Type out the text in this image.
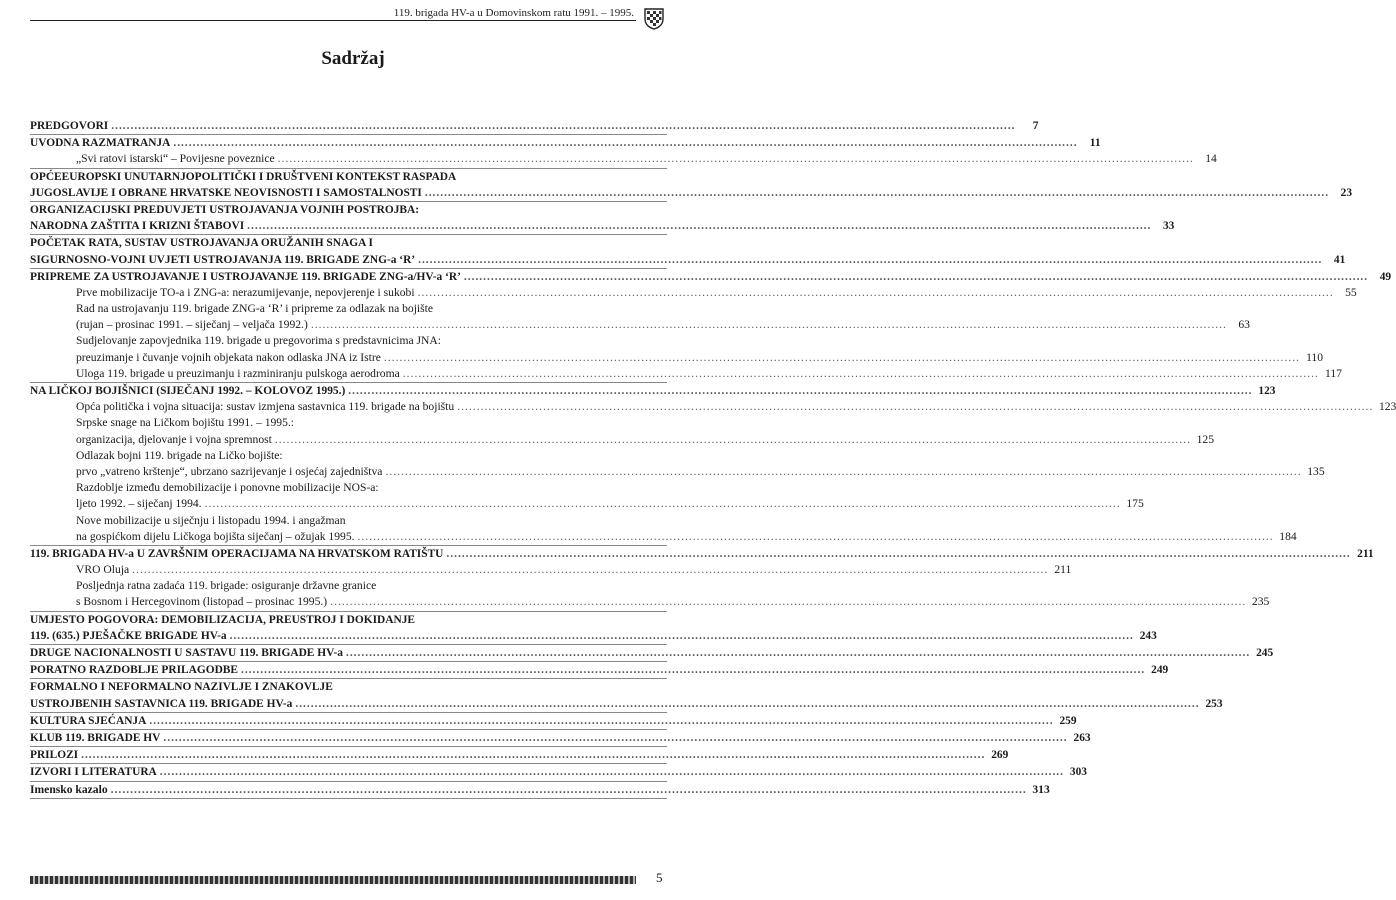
119. brigada HV-a u Domovinskom ratu 1991. – 1995.
Sadržaj
PREDGOVORI .....	7
UVODNA RAZMATRANJA .....	11
„Svi ratovi istarski“ – Povijesne poveznice .....	14
OPĆEEUROPSKI UNUTARNJOPOLITIČKI I DRUŠTVENI KONTEKST RASPADA
JUGOSLAVIJE I OBRANE HRVATSKE NEOVISNOSTI I SAMOSTALNOSTI .....	23
ORGANIZACIJSKI PREDUVJETI USTROJAVANJA VOJNIH POSTROJBA:
NARODNA ZAŠTITA I KRIZNI ŠTABOVI .....	33
POČETAK RATA, SUSTAV USTROJAVANJA ORUŽANIH SNAGA I
SIGURNOSNO-VOJNI UVJETI USTROJAVANJA 119. BRIGADE ZNG-a ‘R’ .....	41
PRIPREME ZA USTROJAVANJE I USTROJAVANJE 119. BRIGADE ZNG-a/HV-a ‘R’ .....	49
Prve mobilizacije TO-a i ZNG-a: nerazumijevanje, nepovjerenje i sukobi .....	55
Rad na ustrojavanju 119. brigade ZNG-a ‘R’ i pripreme za odlazak na bojište
(rujan – prosinac 1991. – siječanj – veljača 1992.) .....	63
Sudjelovanje zapovjednika 119. brigade u pregovorima s predstavnicima JNA:
preuzimanje i čuvanje vojnih objekata nakon odlaska JNA iz Istre .....	110
Uloga 119. brigade u preuzimanju i razminiranju pulskoga aerodroma .....	117
NA LIČKOJ BOJIŠNICI (SIJEČANJ 1992. – KOLOVOZ 1995.) .....	123
Opća politička i vojna situacija: sustav izmjena sastavnica 119. brigade na bojištu .....	123
Srpske snage na Ličkom bojištu 1991. – 1995.:
organizacija, djelovanje i vojna spremnost .....	125
Odlazak bojni 119. brigade na Ličko bojište:
prvo „vatreno krštenje“, ubrzano sazrijevanje i osjećaj zajedništva .....	135
Razdoblje između demobilizacije i ponovne mobilizacije NOS-a:
ljeto 1992. – siječanj 1994. .....	175
Nove mobilizacije u siječnju i listopadu 1994. i angažman
na gospićkom dijelu Ličkoga bojišta siječanj – ožujak 1995. .....	184
119. BRIGADA HV-a U ZAVRŠNIM OPERACIJAMA NA HRVATSKOM RATIŠTU .....	211
VRO Oluja .....	211
Posljednja ratna zadaća 119. brigade: osiguranje državne granice
s Bosnom i Hercegovinom (listopad – prosinac 1995.) .....	235
UMJESTO POGOVORA: DEMOBILIZACIJA, PREUSTROJ I DOKIDANJE
119. (635.) PJEŠAČKE BRIGADE HV-a .....	243
DRUGE NACIONALNOSTI U SASTAVU 119. BRIGADE HV-a .....	245
PORATNO RAZDOBLJE PRILAGODBE .....	249
FORMALNO I NEFORMALNO NAZIVLJE I ZNAKOVLJE
USTROJBENIH SASTAVNICA 119. BRIGADE HV-a .....	253
KULTURA SJEĆANJA .....	259
KLUB 119. BRIGADE HV .....	263
PRILOZI .....	269
IZVORI I LITERATURA .....	303
Imensko kazalo .....	313
5
